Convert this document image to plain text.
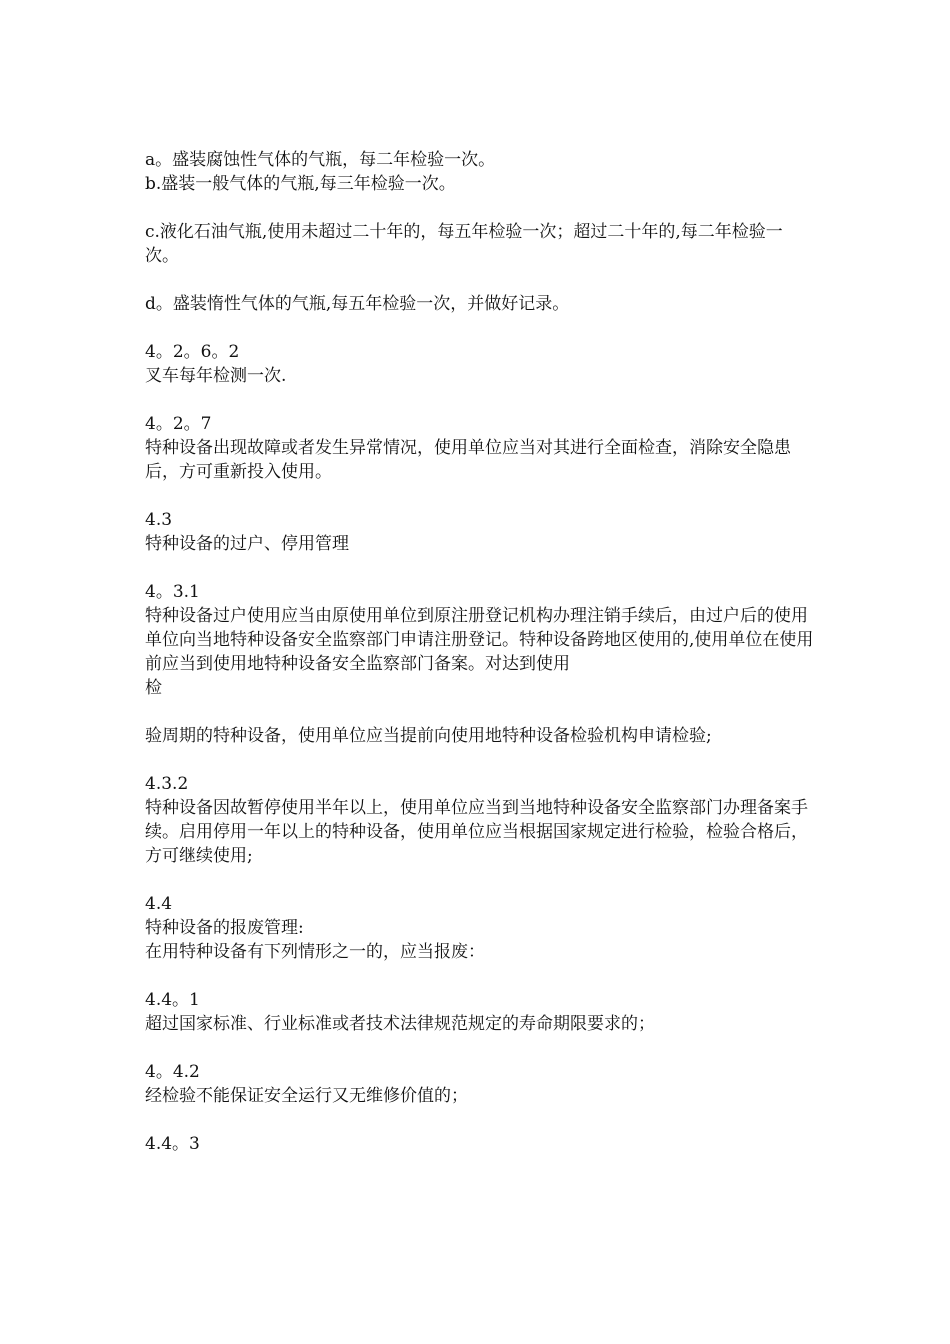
a。盛装腐蚀性气体的气瓶，每二年检验一次。
b.盛装一般气体的气瓶,每三年检验一次。
c.液化石油气瓶,使用未超过二十年的，每五年检验一次；超过二十年的,每二年检验一次。
d。盛装惰性气体的气瓶,每五年检验一次，并做好记录。
4。2。6。2
叉车每年检测一次.
4。2。7
特种设备出现故障或者发生异常情况，使用单位应当对其进行全面检查，消除安全隐患后，方可重新投入使用。
4.3
特种设备的过户、停用管理
4。3.1
特种设备过户使用应当由原使用单位到原注册登记机构办理注销手续后，由过户后的使用单位向当地特种设备安全监察部门申请注册登记。特种设备跨地区使用的,使用单位在使用前应当到使用地特种设备安全监察部门备案。对达到使用
检
验周期的特种设备，使用单位应当提前向使用地特种设备检验机构申请检验;
4.3.2
特种设备因故暂停使用半年以上，使用单位应当到当地特种设备安全监察部门办理备案手续。启用停用一年以上的特种设备，使用单位应当根据国家规定进行检验，检验合格后，方可继续使用;
4.4
特种设备的报废管理:
在用特种设备有下列情形之一的，应当报废：
4.4。1
超过国家标准、行业标准或者技术法律规范规定的寿命期限要求的；
4。4.2
经检验不能保证安全运行又无维修价值的；
4.4。3
